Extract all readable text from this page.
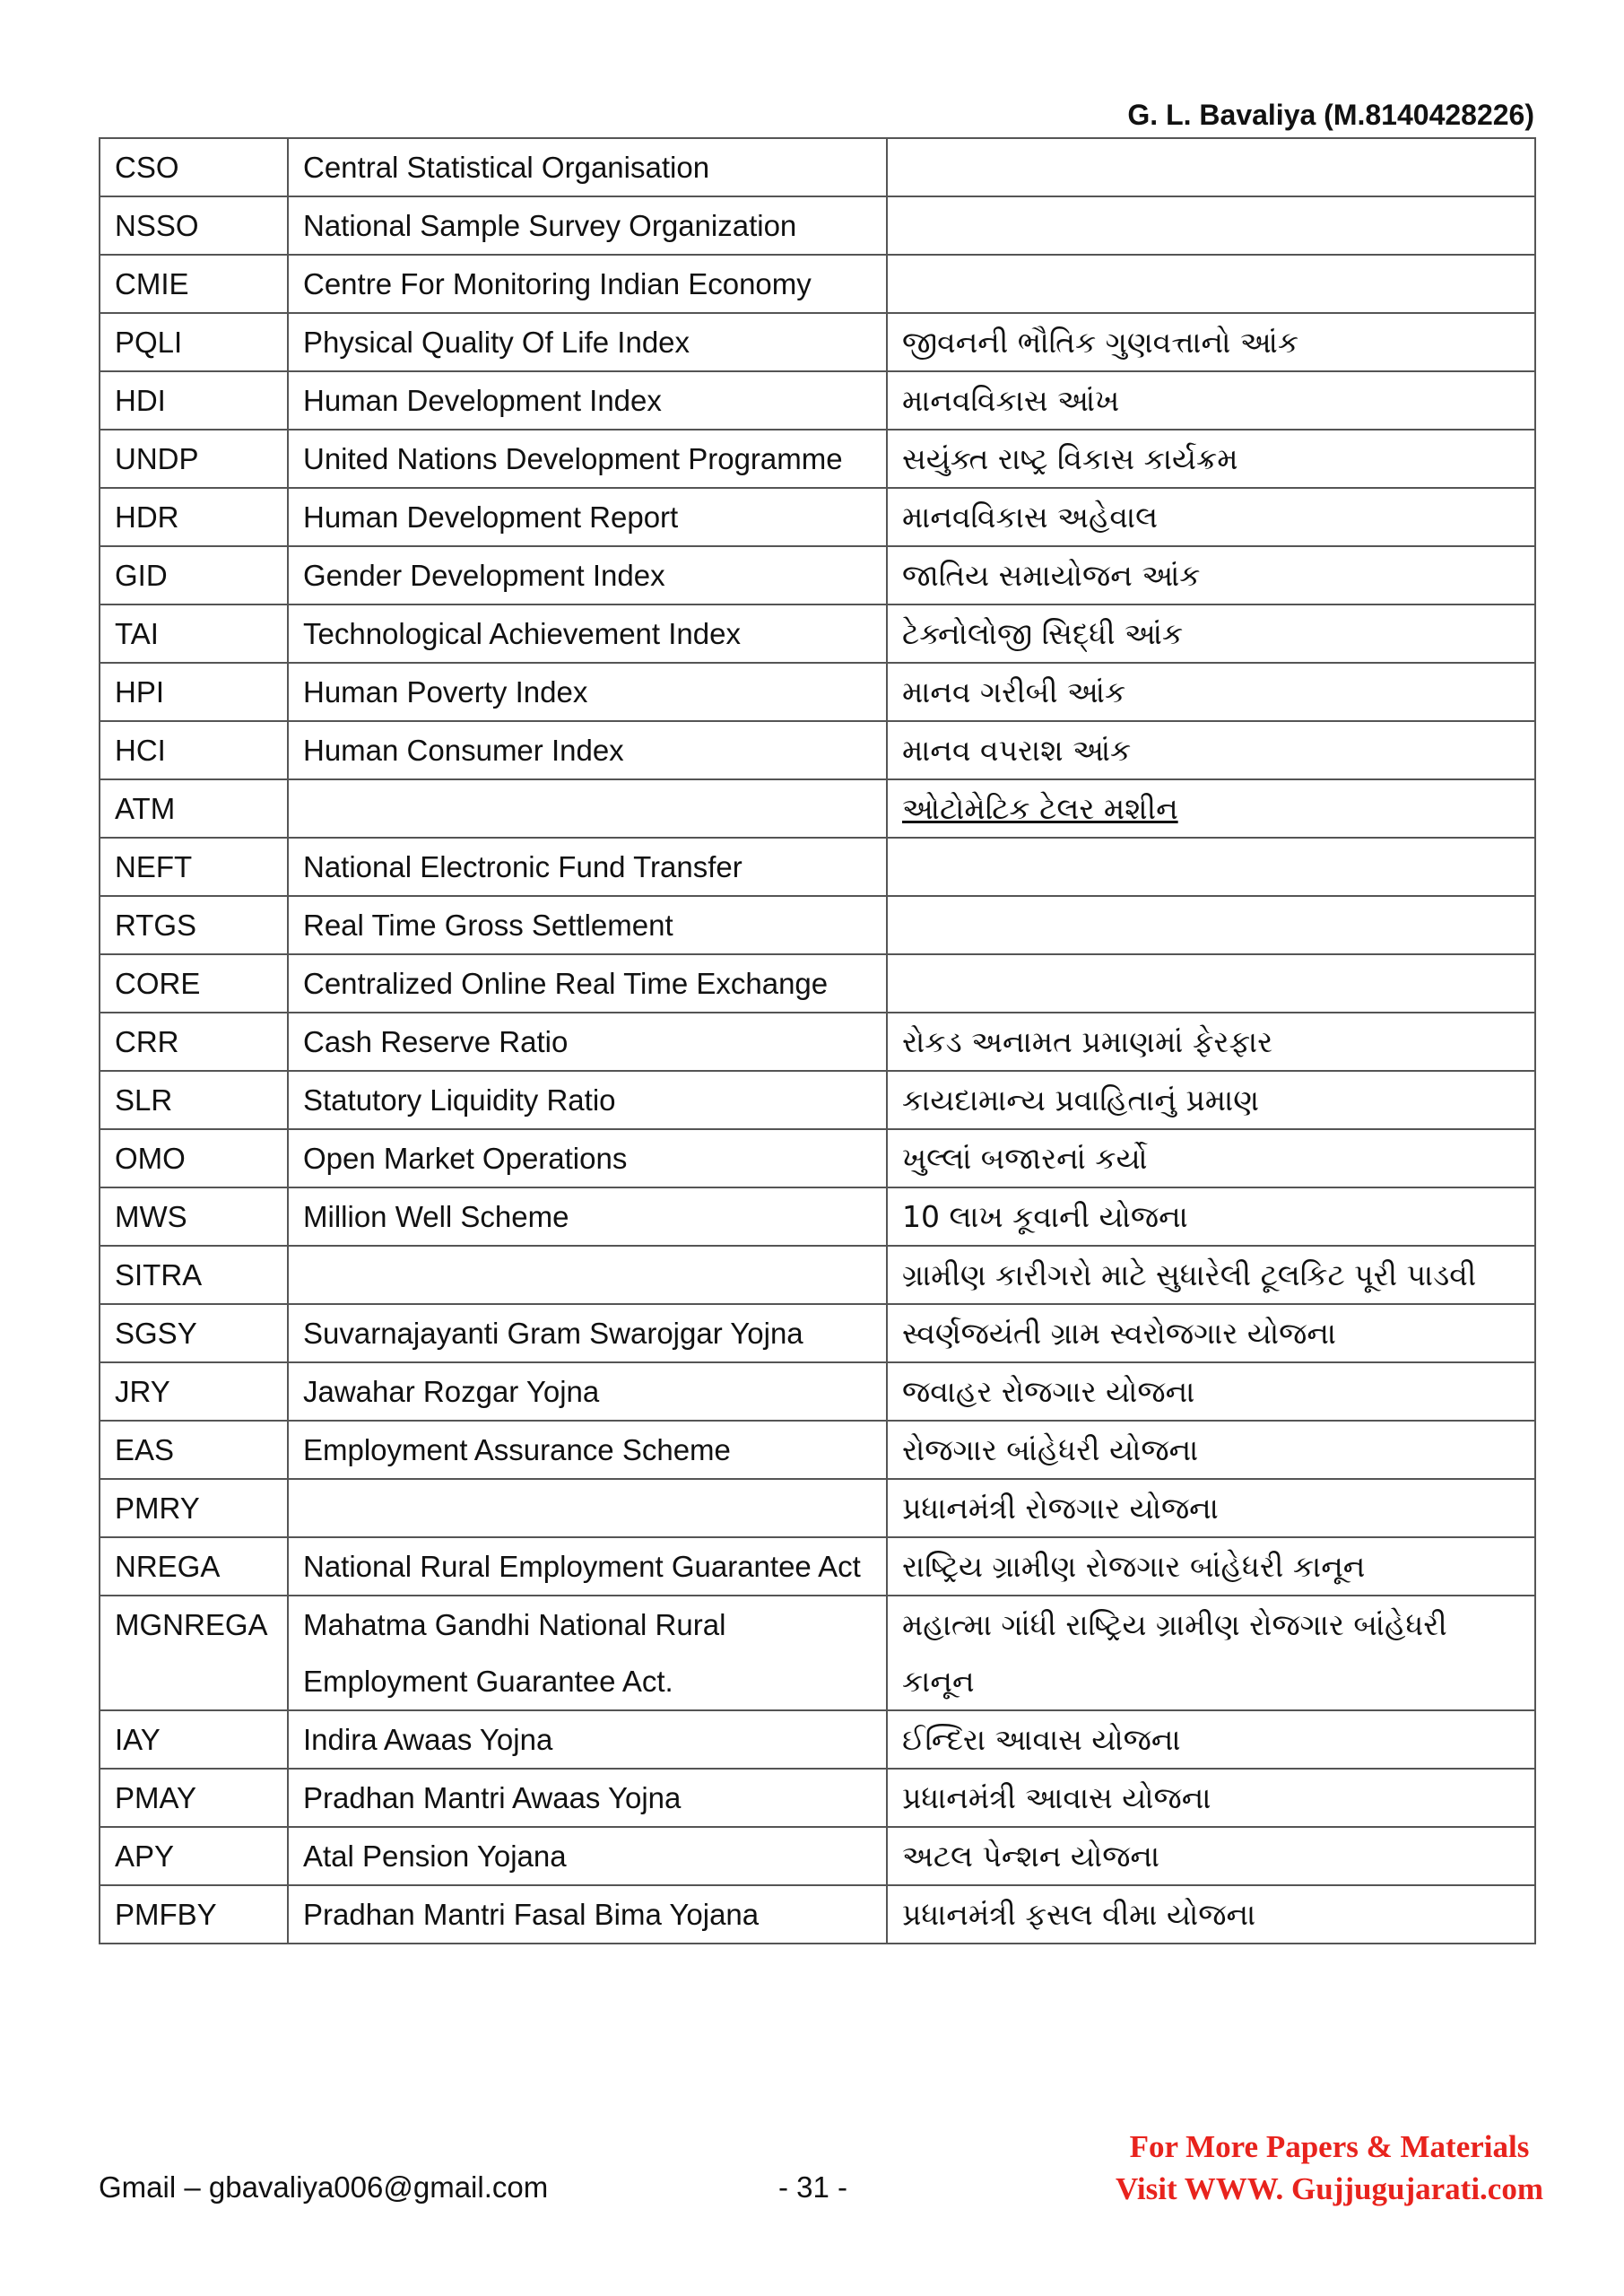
G. L. Bavaliya (M.8140428226)
CSO	Central Statistical Organisation	
NSSO	National Sample Survey Organization	
CMIE	Centre For Monitoring Indian Economy	
PQLI	Physical Quality Of Life Index	જીવનની ભૌતિક ગુણવત્તાનો આંક
HDI	Human Development Index	માનવવિકાસ આંખ
UNDP	United Nations Development Programme	સયુંક્ત રાષ્ટ્ર વિકાસ કાર્યક્રમ
HDR	Human Development Report	માનવવિકાસ અહેવાલ
GID	Gender Development Index	જાતિય સમાયોજન આંક
TAI	Technological Achievement Index	ટેક્નોલોજી સિદ્ધી આંક
HPI	Human Poverty Index	માનવ ગરીબી આંક
HCI	Human Consumer Index	માનવ વપરાશ આંક
ATM		ઓટોમેટિક ટેલર મશીન
NEFT	National Electronic Fund Transfer	
RTGS	Real Time Gross Settlement	
CORE	Centralized Online Real Time Exchange	
CRR	Cash Reserve Ratio	રોકડ અનામત પ્રમાણમાં ફેરફાર
SLR	Statutory Liquidity Ratio	કાયદામાન્ય પ્રવાહિતાનું પ્રમાણ
OMO	Open Market Operations	ખુલ્લાં બજારનાં કર્યો
MWS	Million Well Scheme	10 લાખ કૂવાની યોજના
SITRA		ગ્રામીણ કારીગરો માટે સુધારેલી ટૂલકિટ પૂરી પાડવી
SGSY	Suvarnajayanti Gram Swarojgar Yojna	સ્વર્ણજયંતી ગ્રામ સ્વરોજગાર યોજના
JRY	Jawahar Rozgar Yojna	જવાહર રોજગાર યોજના
EAS	Employment Assurance Scheme	રોજગાર બાંહેધરી યોજના
PMRY		પ્રધાનમંત્રી રોજગાર યોજના
NREGA	National Rural Employment Guarantee Act	રાષ્ટ્રિય ગ્રામીણ રોજગાર બાંહેધરી કાનૂન
MGNREGA	Mahatma Gandhi National Rural Employment Guarantee Act.	મહાત્મા ગાંધી રાષ્ટ્રિય ગ્રામીણ રોજગાર બાંહેધરી કાનૂન
IAY	Indira Awaas Yojna	ઈન્દિરા આવાસ યોજના
PMAY	Pradhan Mantri Awaas Yojna	પ્રધાનમંત્રી આવાસ યોજના
APY	Atal Pension Yojana	અટલ પેન્શન યોજના
PMFBY	Pradhan Mantri Fasal Bima Yojana	પ્રધાનમંત્રી ફસલ વીમા યોજના
Gmail – gbavaliya006@gmail.com	- 31 -
For More Papers & Materials
Visit WWW. Gujjugujarati.com
